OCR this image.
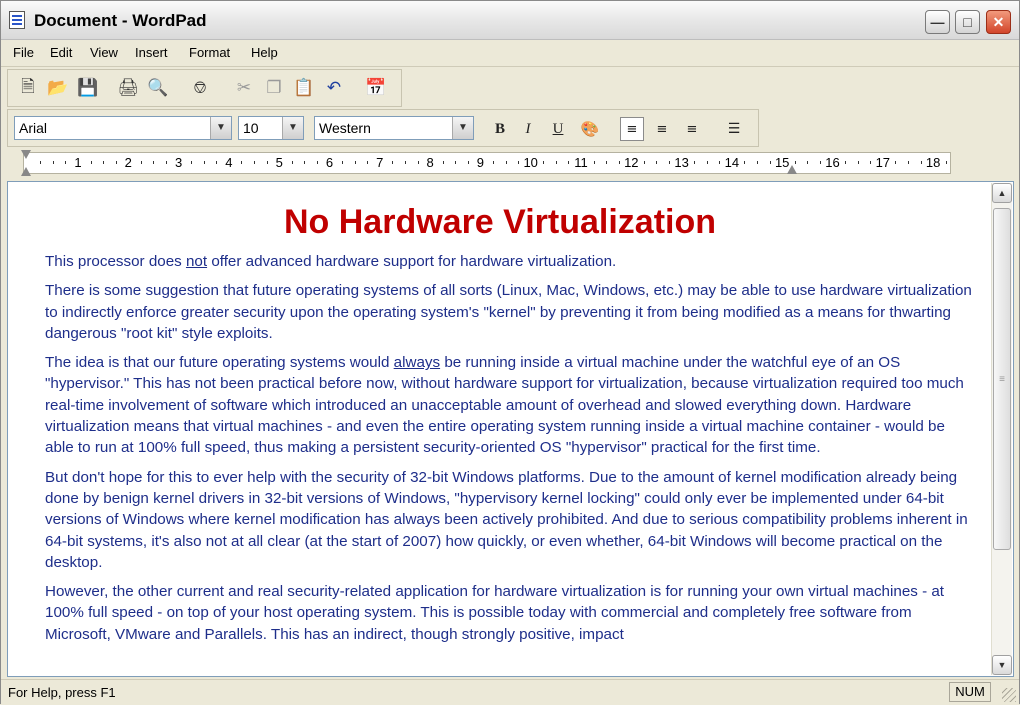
Document - WordPad	— □ ✕
File Edit View Insert Format Help
🗎 📂 💾 🖨 🔍 ⎊ ✂ ❐ 📋 ↶ 📅
Arial	▼	10	▼	Western	▼	B	I	U	🎨 ≡ ≡ ≡ ☰
1	2	3	4	5	6	7	8	9	10	11	12	13	14	15	16	17	18
No Hardware Virtualization

This processor does not offer advanced hardware support for hardware virtualization.

There is some suggestion that future operating systems of all sorts (Linux, Mac, Windows, etc.) may be able to use hardware virtualization to indirectly enforce greater security upon the operating system's "kernel" by preventing it from being modified as a means for thwarting dangerous "root kit" style exploits.

The idea is that our future operating systems would always be running inside a virtual machine under the watchful eye of an OS "hypervisor." This has not been practical before now, without hardware support for virtualization, because virtualization required too much real-time involvement of software which introduced an unacceptable amount of overhead and slowed everything down. Hardware virtualization means that virtual machines - and even the entire operating system running inside a virtual machine container - would be able to run at 100% full speed, thus making a persistent security-oriented OS "hypervisor" practical for the first time.

But don't hope for this to ever help with the security of 32-bit Windows platforms. Due to the amount of kernel modification already being done by benign kernel drivers in 32-bit versions of Windows, "hypervisory kernel locking" could only ever be implemented under 64-bit versions of Windows where kernel modification has always been actively prohibited. And due to serious compatibility problems inherent in 64-bit systems, it's also not at all clear (at the start of 2007) how quickly, or even whether, 64-bit Windows will become practical on the desktop.

However, the other current and real security-related application for hardware virtualization is for running your own virtual machines - at 100% full speed - on top of your host operating system. This is possible today with commercial and completely free software from Microsoft, VMware and Parallels. This has an indirect, though strongly positive, impact

▲
≡
▼
For Help, press F1	NUM
